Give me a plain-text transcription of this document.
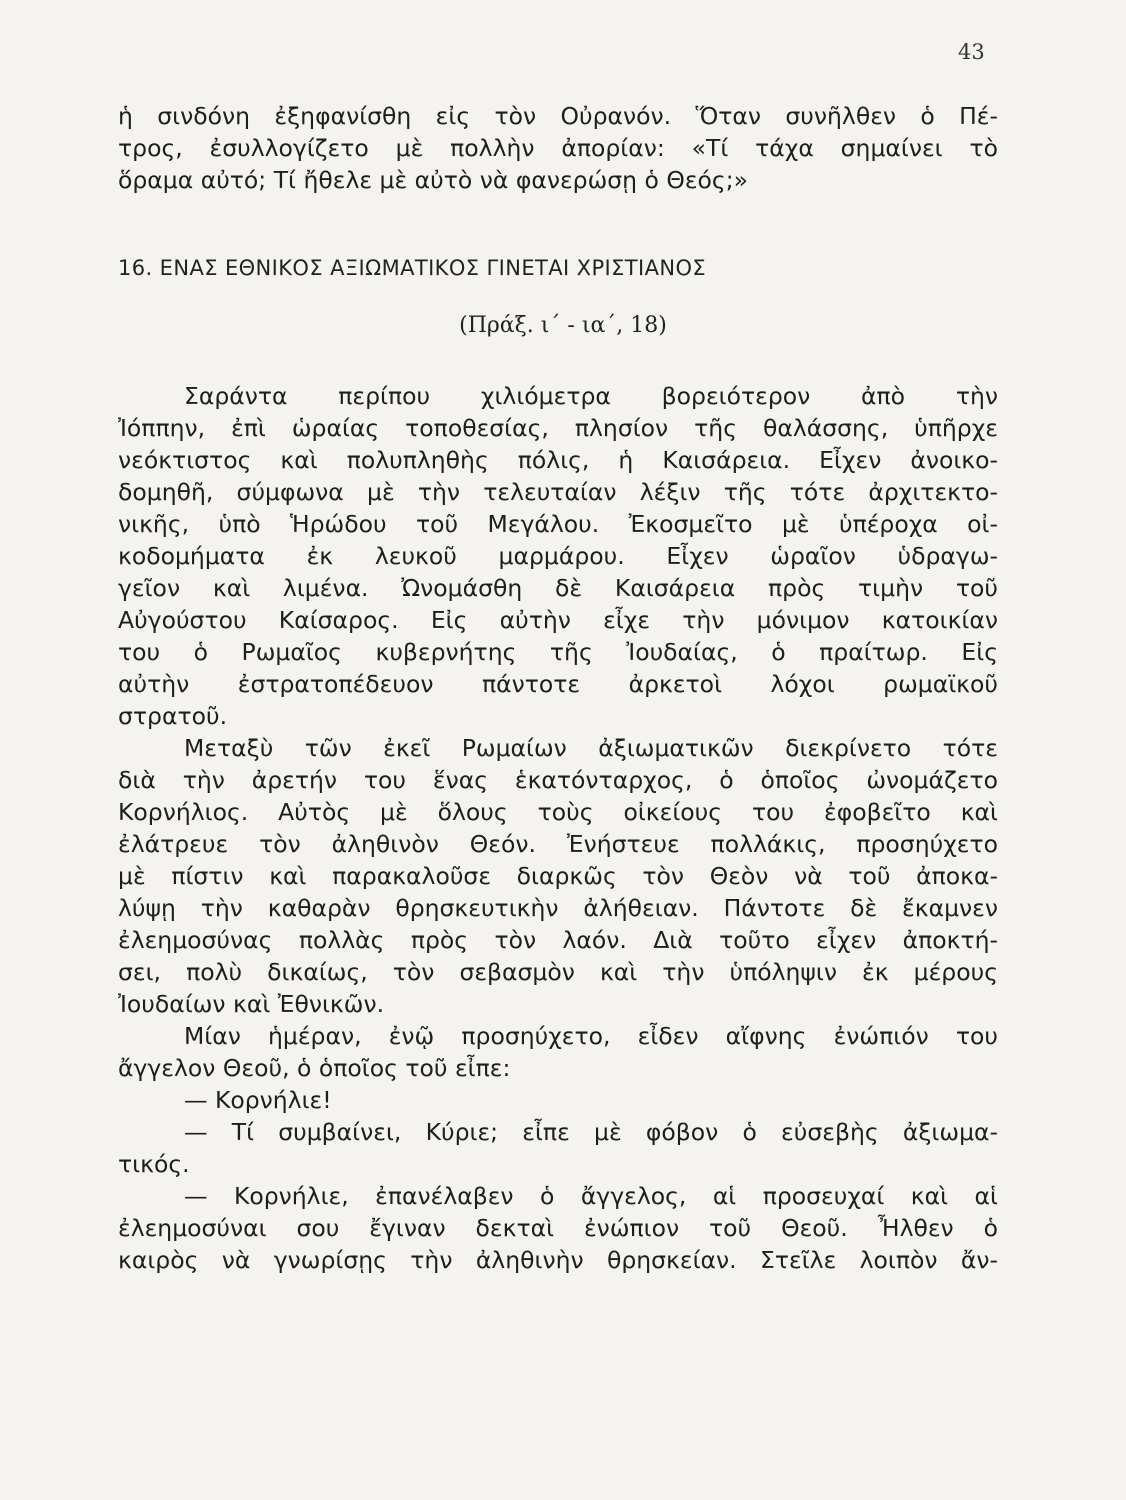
43
ἡ σινδόνη ἐξηφανίσθη εἰς τὸν Οὐρανόν. Ὅταν συνῆλθεν ὁ Πέ-
τρος, ἐσυλλογίζετο μὲ πολλὴν ἀπορίαν: «Τί τάχα σημαίνει τὸ
ὅραμα αὐτό; Τί ἤθελε μὲ αὐτὸ νὰ φανερώσῃ ὁ Θεός;»
16. ΕΝΑΣ ΕΘΝΙΚΟΣ ΑΞΙΩΜΑΤΙΚΟΣ ΓΙΝΕΤΑΙ ΧΡΙΣΤΙΑΝΟΣ
(Πράξ. ι΄ - ια΄, 18)
Σαράντα περίπου χιλιόμετρα βορειότερον ἀπὸ τὴν
Ἰόππην, ἐπὶ ὡραίας τοποθεσίας, πλησίον τῆς θαλάσσης, ὑπῆρχε
νεόκτιστος καὶ πολυπληθὴς πόλις, ἡ Καισάρεια. Εἶχεν ἀνοικο-
δομηθῆ, σύμφωνα μὲ τὴν τελευταίαν λέξιν τῆς τότε ἀρχιτεκτο-
νικῆς, ὑπὸ Ἡρώδου τοῦ Μεγάλου. Ἐκοσμεῖτο μὲ ὑπέροχα οἰ-
κοδομήματα ἐκ λευκοῦ μαρμάρου. Εἶχεν ὡραῖον ὑδραγω-
γεῖον καὶ λιμένα. Ὠνομάσθη δὲ Καισάρεια πρὸς τιμὴν τοῦ
Αὐγούστου Καίσαρος. Εἰς αὐτὴν εἶχε τὴν μόνιμον κατοικίαν
του ὁ Ρωμαῖος κυβερνήτης τῆς Ἰουδαίας, ὁ πραίτωρ. Εἰς
αὐτὴν ἐστρατοπέδευον πάντοτε ἀρκετοὶ λόχοι ρωμαϊκοῦ
στρατοῦ.
Μεταξὺ τῶν ἐκεῖ Ρωμαίων ἀξιωματικῶν διεκρίνετο τότε
διὰ τὴν ἀρετήν του ἕνας ἑκατόνταρχος, ὁ ὁποῖος ὠνομάζετο
Κορνήλιος. Αὐτὸς μὲ ὅλους τοὺς οἰκείους του ἐφοβεῖτο καὶ
ἐλάτρευε τὸν ἀληθινὸν Θεόν. Ἐνήστευε πολλάκις, προσηύχετο
μὲ πίστιν καὶ παρακαλοῦσε διαρκῶς τὸν Θεὸν νὰ τοῦ ἀποκα-
λύψῃ τὴν καθαρὰν θρησκευτικὴν ἀλήθειαν. Πάντοτε δὲ ἔκαμνεν
ἐλεημοσύνας πολλὰς πρὸς τὸν λαόν. Διὰ τοῦτο εἶχεν ἀποκτή-
σει, πολὺ δικαίως, τὸν σεβασμὸν καὶ τὴν ὑπόληψιν ἐκ μέρους
Ἰουδαίων καὶ Ἐθνικῶν.
Μίαν ἡμέραν, ἐνῷ προσηύχετο, εἶδεν αἴφνης ἐνώπιόν του
ἄγγελον Θεοῦ, ὁ ὁποῖος τοῦ εἶπε:
— Κορνήλιε!
— Τί συμβαίνει, Κύριε; εἶπε μὲ φόβον ὁ εὐσεβὴς ἀξιωμα-
τικός.
— Κορνήλιε, ἐπανέλαβεν ὁ ἄγγελος, αἱ προσευχαί καὶ αἱ
ἐλεημοσύναι σου ἔγιναν δεκταὶ ἐνώπιον τοῦ Θεοῦ. Ἦλθεν ὁ
καιρὸς νὰ γνωρίσῃς τὴν ἀληθινὴν θρησκείαν. Στεῖλε λοιπὸν ἄν-
